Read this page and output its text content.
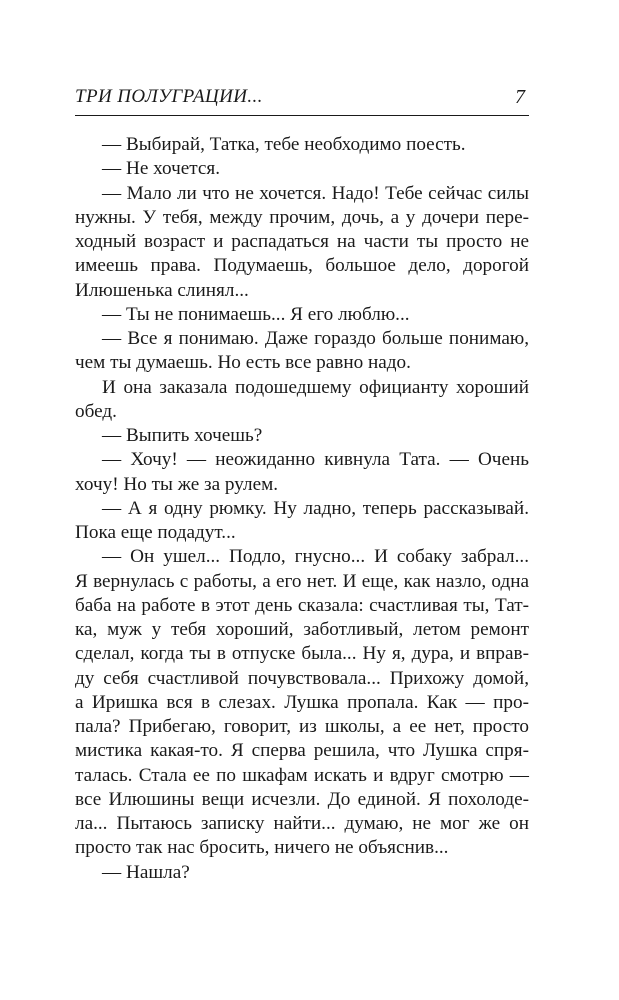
ТРИ ПОЛУГРАЦИИ...	7
— Выбирай, Татка, тебе необходимо поесть.
— Не хочется.
— Мало ли что не хочется. Надо! Тебе сейчас силы
нужны. У тебя, между прочим, дочь, а у дочери пере-
ходный возраст и распадаться на части ты просто не
имеешь права. Подумаешь, большое дело, дорогой
Илюшенька слинял...
— Ты не понимаешь... Я его люблю...
— Все я понимаю. Даже гораздо больше понимаю,
чем ты думаешь. Но есть все равно надо.
И она заказала подошедшему официанту хороший
обед.
— Выпить хочешь?
— Хочу! — неожиданно кивнула Тата. — Очень
хочу! Но ты же за рулем.
— А я одну рюмку. Ну ладно, теперь рассказывай.
Пока еще подадут...
— Он ушел... Подло, гнусно... И собаку забрал...
Я вернулась с работы, а его нет. И еще, как назло, одна
баба на работе в этот день сказала: счастливая ты, Тат-
ка, муж у тебя хороший, заботливый, летом ремонт
сделал, когда ты в отпуске была... Ну я, дура, и вправ-
ду себя счастливой почувствовала... Прихожу домой,
а Иришка вся в слезах. Лушка пропала. Как — про-
пала? Прибегаю, говорит, из школы, а ее нет, просто
мистика какая-то. Я сперва решила, что Лушка спря-
талась. Стала ее по шкафам искать и вдруг смотрю —
все Илюшины вещи исчезли. До единой. Я похолоде-
ла... Пытаюсь записку найти... думаю, не мог же он
просто так нас бросить, ничего не объяснив...
— Нашла?
